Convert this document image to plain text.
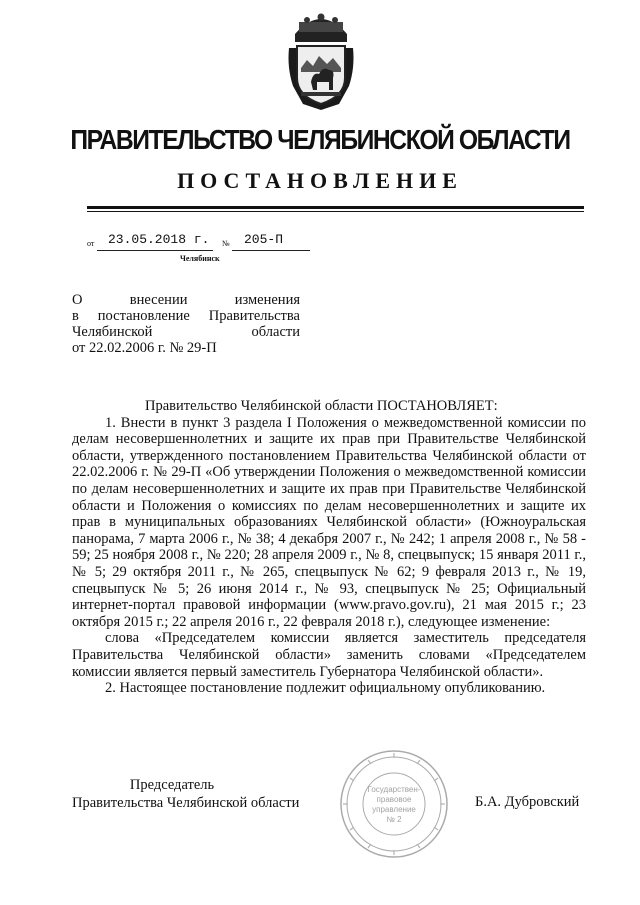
ПРАВИТЕЛЬСТВО ЧЕЛЯБИНСКОЙ ОБЛАСТИ
ПОСТАНОВЛЕНИЕ
от 23.05.2018 г. № 205-П
Челябинск
О внесении изменения
в постановление Правительства
Челябинской области
от 22.02.2006 г. № 29-П

Правительство Челябинской области ПОСТАНОВЛЯЕТ:

1. Внести в пункт 3 раздела I Положения о межведомственной комиссии по делам несовершеннолетних и защите их прав при Правительстве Челябинской области, утвержденного постановлением Правительства Челябинской области от 22.02.2006 г. № 29-П «Об утверждении Положения о межведомственной комиссии по делам несовершеннолетних и защите их прав при Правительстве Челябинской области и Положения о комиссиях по делам несовершеннолетних и защите их прав в муниципальных образованиях Челябинской области» (Южноуральская панорама, 7 марта 2006 г., № 38; 4 декабря 2007 г., № 242; 1 апреля 2008 г., № 58 - 59; 25 ноября 2008 г., № 220; 28 апреля 2009 г., № 8, спецвыпуск; 15 января 2011 г., № 5; 29 октября 2011 г., № 265, спецвыпуск № 62; 9 февраля 2013 г., № 19, спецвыпуск № 5; 26 июня 2014 г., № 93, спецвыпуск № 25; Официальный интернет-портал правовой информации (www.pravo.gov.ru), 21 мая 2015 г.; 23 октября 2015 г.; 22 апреля 2016 г., 22 февраля 2018 г.), следующее изменение:

слова «Председателем комиссии является заместитель председателя Правительства Челябинской области» заменить словами «Председателем комиссии является первый заместитель Губернатора Челябинской области».

2. Настоящее постановление подлежит официальному опубликованию.

Председатель
Правительства Челябинской области	Б.А. Дубровский
Государствен-
правовое
управление
№ 2
